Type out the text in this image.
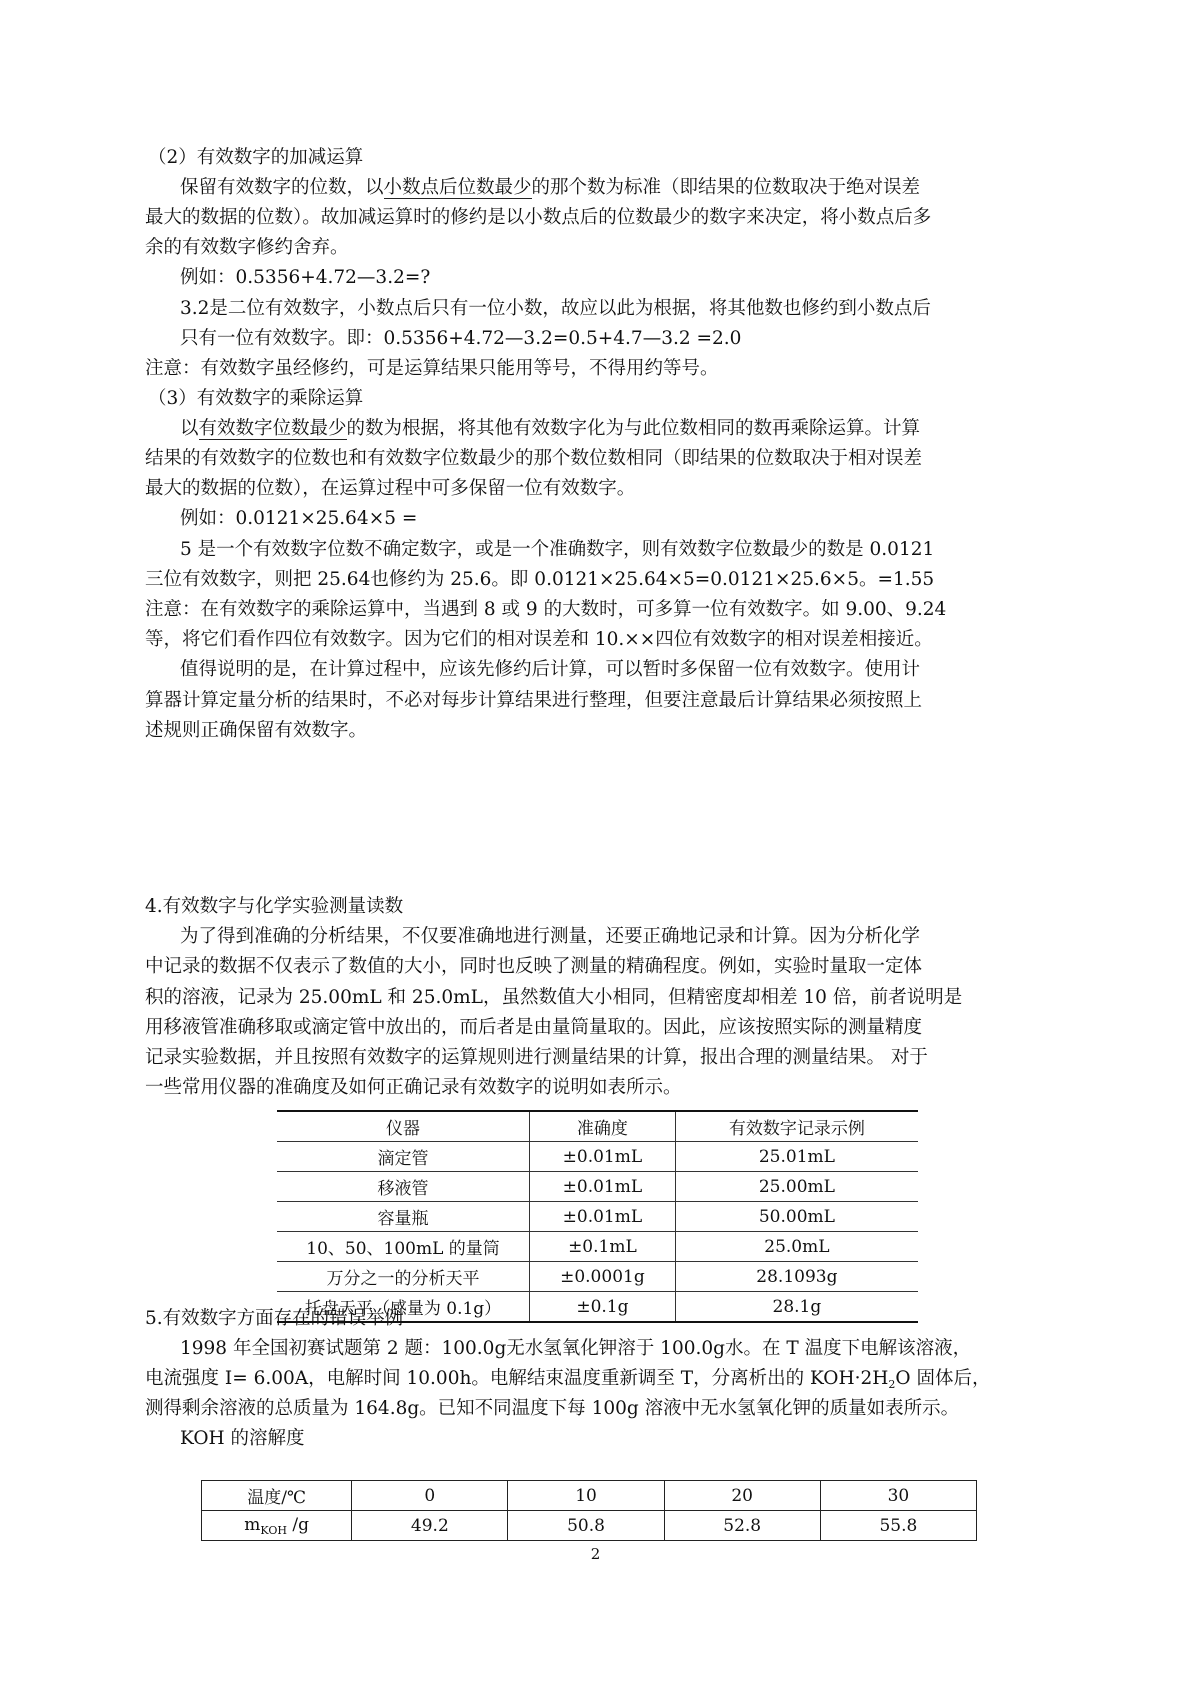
（2）有效数字的加减运算
保留有效数字的位数，以小数点后位数最少的那个数为标准（即结果的位数取决于绝对误差
最大的数据的位数）。故加减运算时的修约是以小数点后的位数最少的数字来决定，将小数点后多
余的有效数字修约舍弃。
例如：0.5356+4.72—3.2=?
3.2是二位有效数字，小数点后只有一位小数，故应以此为根据，将其他数也修约到小数点后
只有一位有效数字。即：0.5356+4.72—3.2=0.5+4.7—3.2 =2.0
注意：有效数字虽经修约，可是运算结果只能用等号，不得用约等号。
（3）有效数字的乘除运算
以有效数字位数最少的数为根据，将其他有效数字化为与此位数相同的数再乘除运算。计算
结果的有效数字的位数也和有效数字位数最少的那个数位数相同（即结果的位数取决于相对误差
最大的数据的位数），在运算过程中可多保留一位有效数字。
例如：0.0121×25.64×5 =
5 是一个有效数字位数不确定数字，或是一个准确数字，则有效数字位数最少的数是 0.0121
三位有效数字，则把 25.64也修约为 25.6。即 0.0121×25.64×5=0.0121×25.6×5。=1.55
注意：在有效数字的乘除运算中，当遇到 8 或 9 的大数时，可多算一位有效数字。如 9.00、9.24
等，将它们看作四位有效数字。因为它们的相对误差和 10.××四位有效数字的相对误差相接近。
值得说明的是，在计算过程中，应该先修约后计算，可以暂时多保留一位有效数字。使用计
算器计算定量分析的结果时，不必对每步计算结果进行整理，但要注意最后计算结果必须按照上
述规则正确保留有效数字。
4.有效数字与化学实验测量读数
为了得到准确的分析结果，不仅要准确地进行测量，还要正确地记录和计算。因为分析化学
中记录的数据不仅表示了数值的大小，同时也反映了测量的精确程度。例如，实验时量取一定体
积的溶液，记录为 25.00mL 和 25.0mL，虽然数值大小相同，但精密度却相差 10 倍，前者说明是
用移液管准确移取或滴定管中放出的，而后者是由量筒量取的。因此，应该按照实际的测量精度
记录实验数据，并且按照有效数字的运算规则进行测量结果的计算，报出合理的测量结果。 对于
一些常用仪器的准确度及如何正确记录有效数字的说明如表所示。
仪器	准确度	有效数字记录示例
滴定管	±0.01mL	25.01mL
移液管	±0.01mL	25.00mL
容量瓶	±0.01mL	50.00mL
10、50、100mL 的量筒	±0.1mL	25.0mL
万分之一的分析天平	±0.0001g	28.1093g
托盘天平（感量为 0.1g）	±0.1g	28.1g
5.有效数字方面存在的错误举例
1998 年全国初赛试题第 2 题：100.0g无水氢氧化钾溶于 100.0g水。在 T 温度下电解该溶液，
电流强度 I= 6.00A，电解时间 10.00h。电解结束温度重新调至 T，分离析出的 $KOH\cdot 2H_2O$ 固体后，
测得剩余溶液的总质量为 164.8g。已知不同温度下每 100g 溶液中无水氢氧化钾的质量如表所示。
KOH 的溶解度
温度/℃	0	10	20	30
$m_{KOH}$ /g	49.2	50.8	52.8	55.8
2
